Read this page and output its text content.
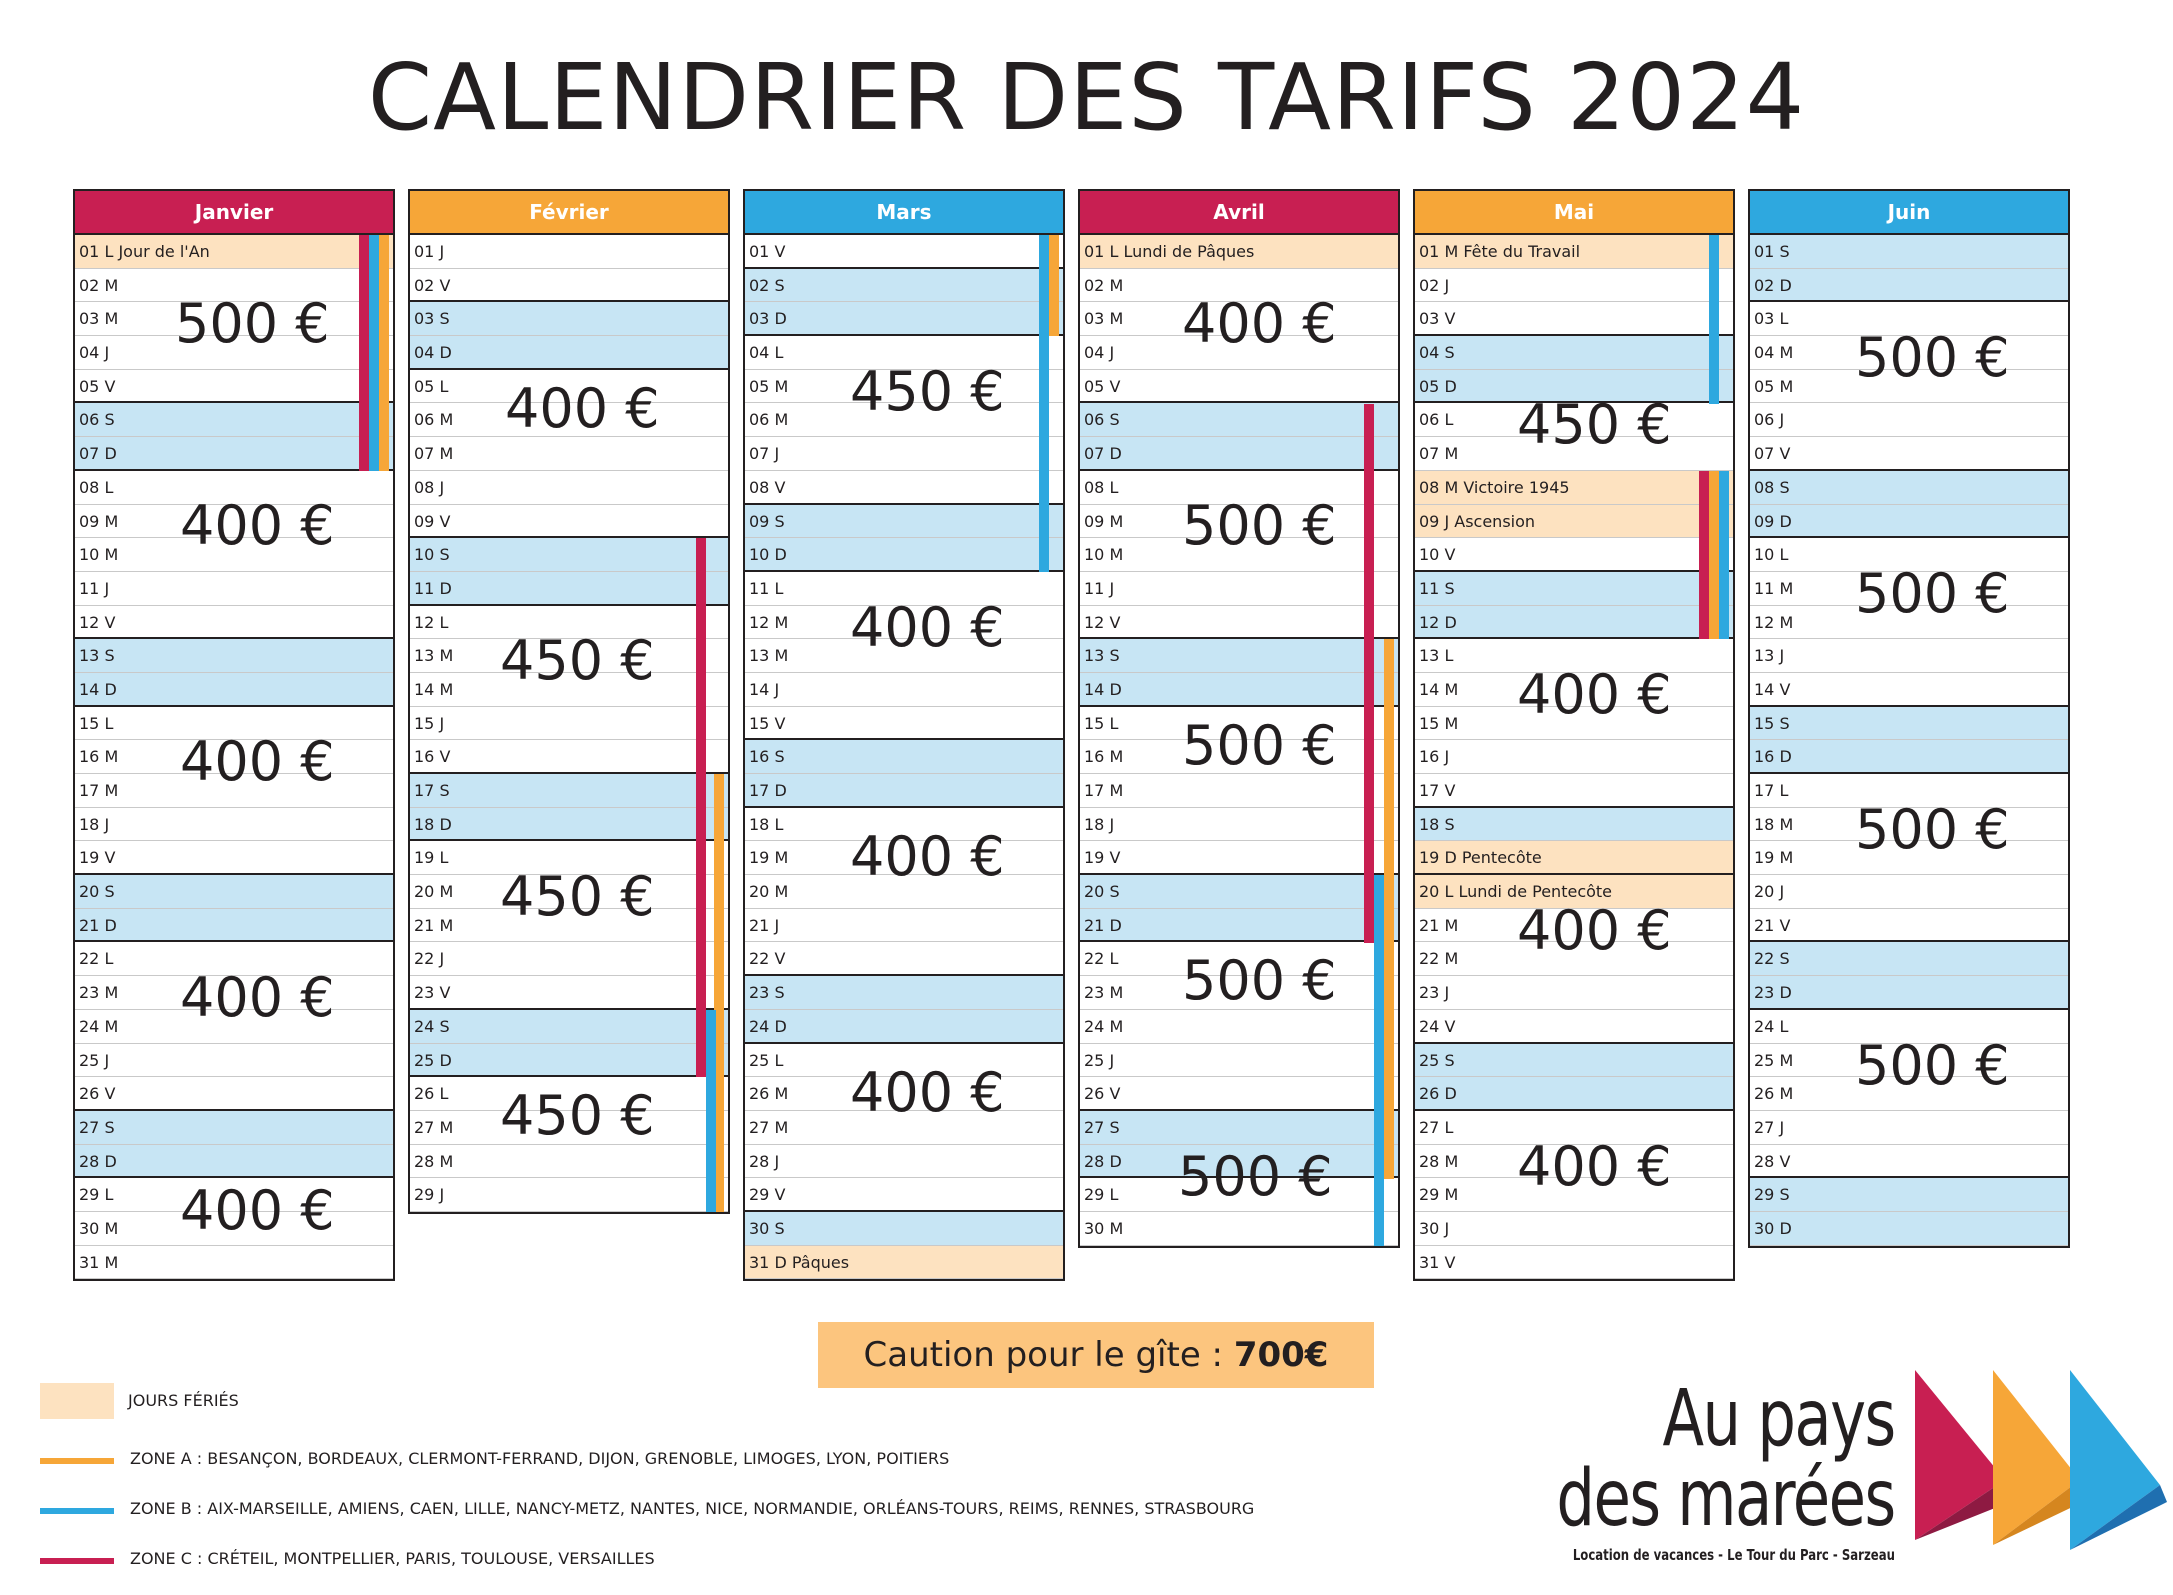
CALENDRIER DES TARIFS 2024
Janvier
01 L Jour de l'An
02 M
03 M
04 J
05 V
06 S
07 D
08 L
09 M
10 M
11 J
12 V
13 S
14 D
15 L
16 M
17 M
18 J
19 V
20 S
21 D
22 L
23 M
24 M
25 J
26 V
27 S
28 D
29 L
30 M
31 M
500 €
400 €
400 €
400 €
400 €
Février
01 J
02 V
03 S
04 D
05 L
06 M
07 M
08 J
09 V
10 S
11 D
12 L
13 M
14 M
15 J
16 V
17 S
18 D
19 L
20 M
21 M
22 J
23 V
24 S
25 D
26 L
27 M
28 M
29 J
400 €
450 €
450 €
450 €
Mars
01 V
02 S
03 D
04 L
05 M
06 M
07 J
08 V
09 S
10 D
11 L
12 M
13 M
14 J
15 V
16 S
17 D
18 L
19 M
20 M
21 J
22 V
23 S
24 D
25 L
26 M
27 M
28 J
29 V
30 S
31 D Pâques
450 €
400 €
400 €
400 €
Avril
01 L Lundi de Pâques
02 M
03 M
04 J
05 V
06 S
07 D
08 L
09 M
10 M
11 J
12 V
13 S
14 D
15 L
16 M
17 M
18 J
19 V
20 S
21 D
22 L
23 M
24 M
25 J
26 V
27 S
28 D
29 L
30 M
400 €
500 €
500 €
500 €
500 €
Mai
01 M Fête du Travail
02 J
03 V
04 S
05 D
06 L
07 M
08 M Victoire 1945
09 J Ascension
10 V
11 S
12 D
13 L
14 M
15 M
16 J
17 V
18 S
19 D Pentecôte
20 L Lundi de Pentecôte
21 M
22 M
23 J
24 V
25 S
26 D
27 L
28 M
29 M
30 J
31 V
450 €
400 €
400 €
400 €
Juin
01 S
02 D
03 L
04 M
05 M
06 J
07 V
08 S
09 D
10 L
11 M
12 M
13 J
14 V
15 S
16 D
17 L
18 M
19 M
20 J
21 V
22 S
23 D
24 L
25 M
26 M
27 J
28 V
29 S
30 D
500 €
500 €
500 €
500 €
Caution pour le gîte : 700€
JOURS FÉRIÉS
ZONE A : BESANÇON, BORDEAUX, CLERMONT-FERRAND, DIJON, GRENOBLE, LIMOGES, LYON, POITIERS
ZONE B : AIX-MARSEILLE, AMIENS, CAEN, LILLE, NANCY-METZ, NANTES, NICE, NORMANDIE, ORLÉANS-TOURS, REIMS, RENNES, STRASBOURG
ZONE C : CRÉTEIL, MONTPELLIER, PARIS, TOULOUSE, VERSAILLES
Au pays
des marées
Location de vacances - Le Tour du Parc - Sarzeau
